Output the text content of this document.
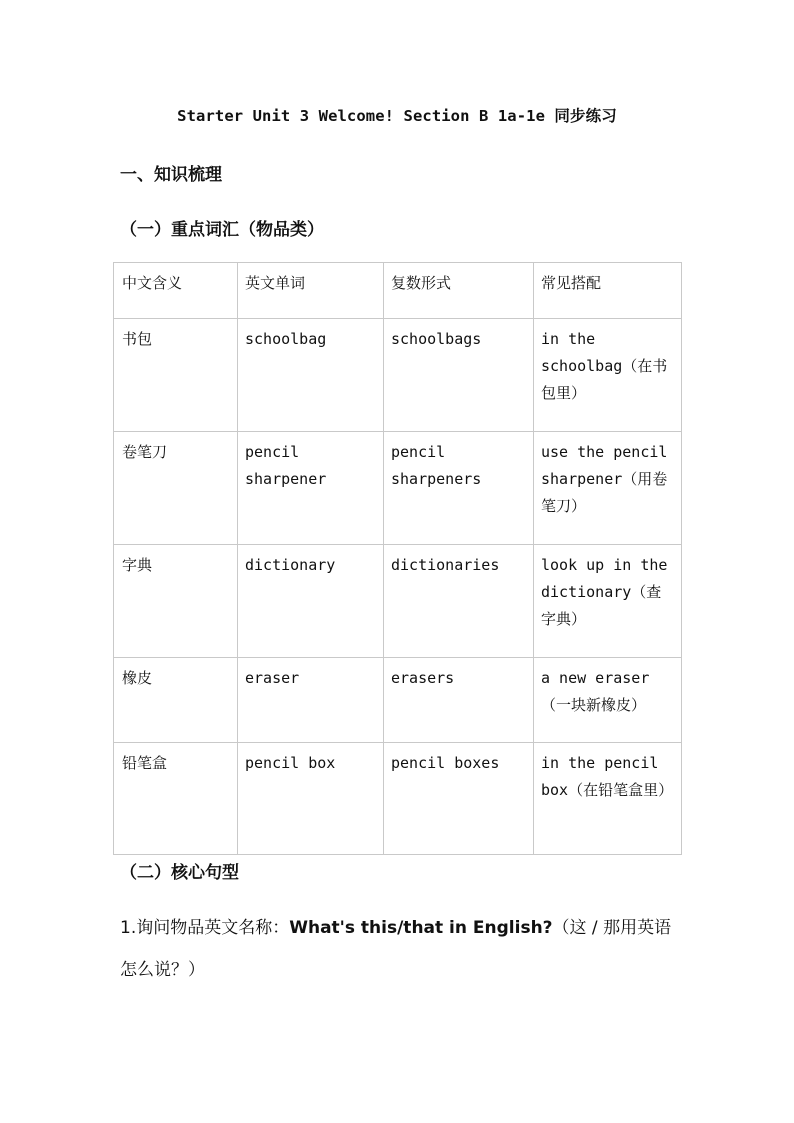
Starter Unit 3 Welcome! Section B 1a-1e 同步练习
一、知识梳理
（一）重点词汇（物品类）
中文含义	英文单词	复数形式	常见搭配
书包	schoolbag	schoolbags	in the schoolbag（在书包里）
卷笔刀	pencil sharpener	pencil sharpeners	use the pencil sharpener（用卷笔刀）
字典	dictionary	dictionaries	look up in the dictionary（查字典）
橡皮	eraser	erasers	a new eraser（一块新橡皮）
铅笔盒	pencil box	pencil boxes	in the pencil box（在铅笔盒里）
（二）核心句型
1.询问物品英文名称：What's this/that in English?（这 / 那用英语怎么说？）
